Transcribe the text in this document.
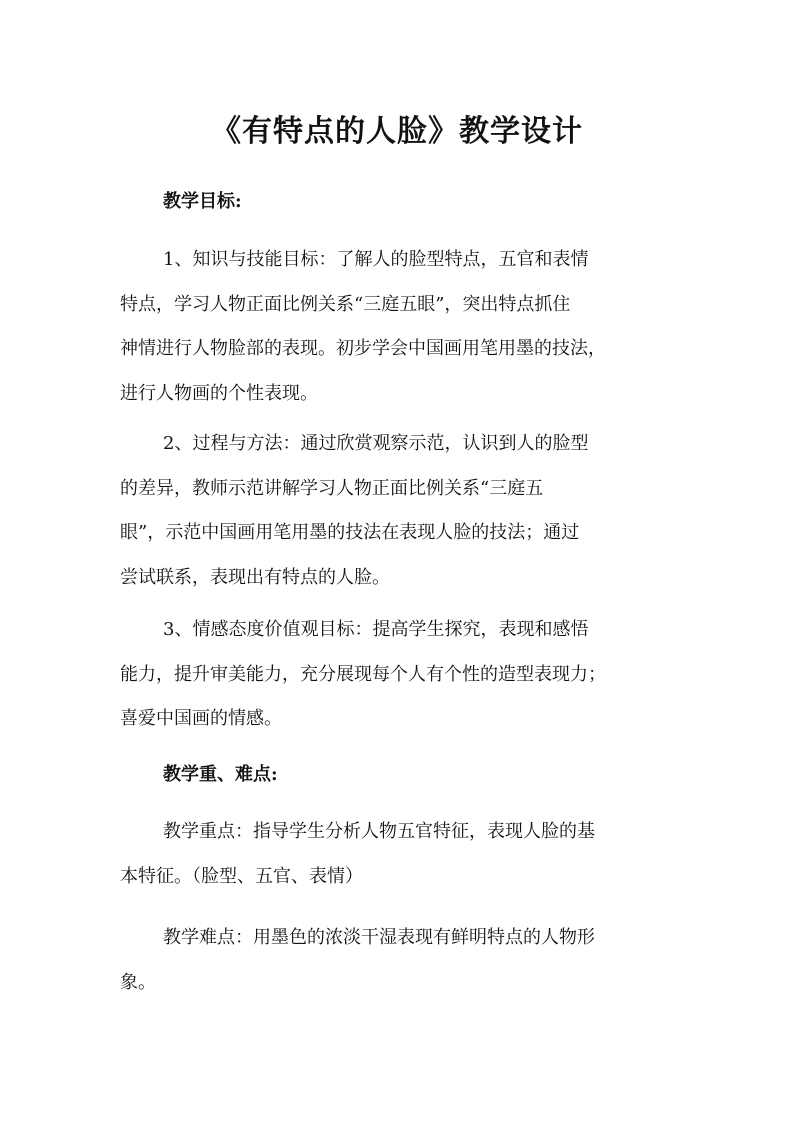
《有特点的人脸》教学设计
教学目标:
1、知识与技能目标：了解人的脸型特点，五官和表情
特点，学习人物正面比例关系“三庭五眼”，突出特点抓住
神情进行人物脸部的表现。初步学会中国画用笔用墨的技法，
进行人物画的个性表现。
2、过程与方法：通过欣赏观察示范，认识到人的脸型
的差异，教师示范讲解学习人物正面比例关系“三庭五
眼”，示范中国画用笔用墨的技法在表现人脸的技法；通过
尝试联系，表现出有特点的人脸。
3、情感态度价值观目标：提高学生探究，表现和感悟
能力，提升审美能力，充分展现每个人有个性的造型表现力；
喜爱中国画的情感。
教学重、难点:
教学重点：指导学生分析人物五官特征，表现人脸的基
本特征。（脸型、五官、表情）
教学难点：用墨色的浓淡干湿表现有鲜明特点的人物形
象。
